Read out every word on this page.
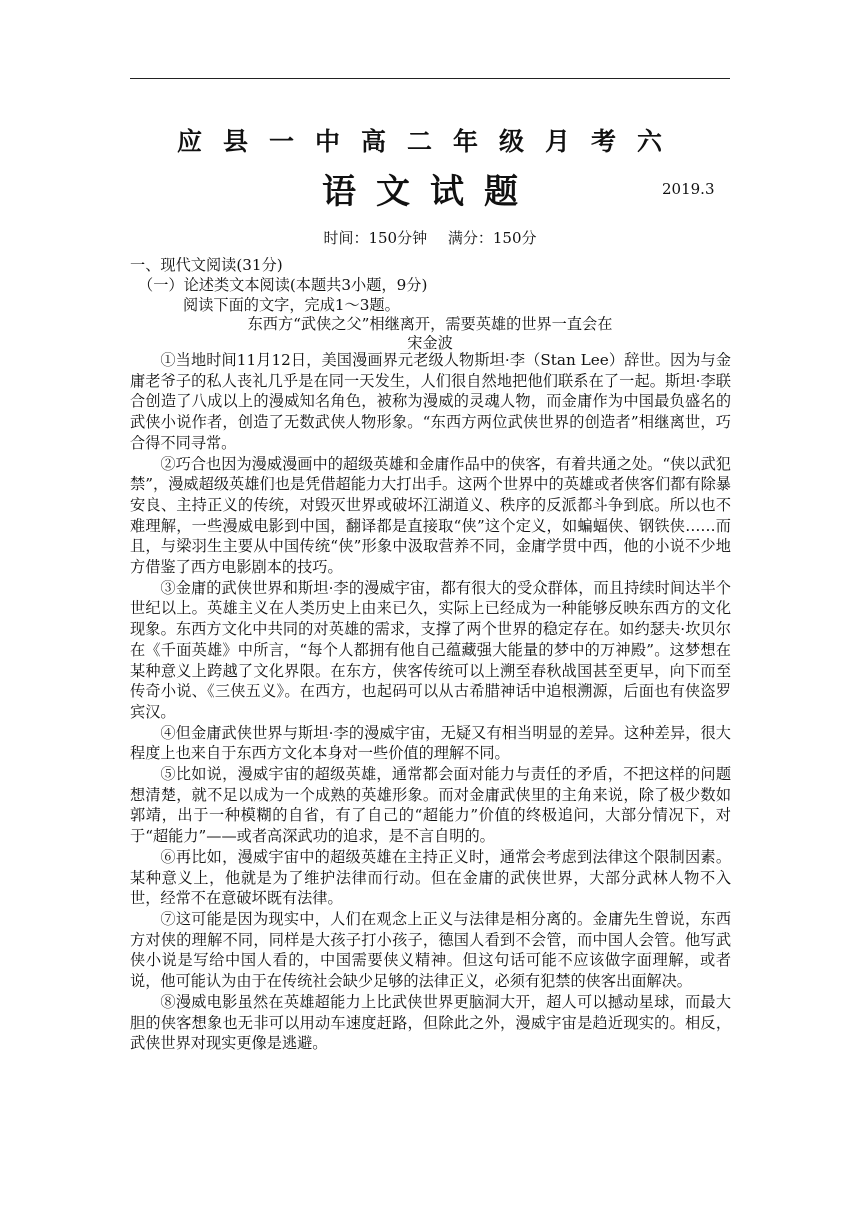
应县一中高二年级月考六
语文试题	2019.3
时间：150分钟 满分：150分
一、现代文阅读(31分)
（一）论述类文本阅读(本题共3小题，9分)
阅读下面的文字，完成1～3题。
东西方“武侠之父”相继离开，需要英雄的世界一直会在
宋金波

①当地时间11月12日，美国漫画界元老级人物斯坦·李（Stan Lee）辞世。因为与金庸老爷子的私人丧礼几乎是在同一天发生，人们很自然地把他们联系在了一起。斯坦·李联合创造了八成以上的漫威知名角色，被称为漫威的灵魂人物，而金庸作为中国最负盛名的武侠小说作者，创造了无数武侠人物形象。“东西方两位武侠世界的创造者”相继离世，巧合得不同寻常。

②巧合也因为漫威漫画中的超级英雄和金庸作品中的侠客，有着共通之处。“侠以武犯禁”，漫威超级英雄们也是凭借超能力大打出手。这两个世界中的英雄或者侠客们都有除暴安良、主持正义的传统，对毁灭世界或破坏江湖道义、秩序的反派都斗争到底。所以也不难理解，一些漫威电影到中国，翻译都是直接取“侠”这个定义，如蝙蝠侠、钢铁侠……而且，与梁羽生主要从中国传统“侠”形象中汲取营养不同，金庸学贯中西，他的小说不少地方借鉴了西方电影剧本的技巧。

③金庸的武侠世界和斯坦·李的漫威宇宙，都有很大的受众群体，而且持续时间达半个世纪以上。英雄主义在人类历史上由来已久，实际上已经成为一种能够反映东西方的文化现象。东西方文化中共同的对英雄的需求，支撑了两个世界的稳定存在。如约瑟夫·坎贝尔在《千面英雄》中所言，“每个人都拥有他自己蕴藏强大能量的梦中的万神殿”。这梦想在某种意义上跨越了文化界限。在东方，侠客传统可以上溯至春秋战国甚至更早，向下而至传奇小说、《三侠五义》。在西方，也起码可以从古希腊神话中追根溯源，后面也有侠盗罗宾汉。

④但金庸武侠世界与斯坦·李的漫威宇宙，无疑又有相当明显的差异。这种差异，很大程度上也来自于东西方文化本身对一些价值的理解不同。

⑤比如说，漫威宇宙的超级英雄，通常都会面对能力与责任的矛盾，不把这样的问题想清楚，就不足以成为一个成熟的英雄形象。而对金庸武侠里的主角来说，除了极少数如郭靖，出于一种模糊的自省，有了自己的“超能力”价值的终极追问，大部分情况下，对于“超能力”——或者高深武功的追求，是不言自明的。

⑥再比如，漫威宇宙中的超级英雄在主持正义时，通常会考虑到法律这个限制因素。某种意义上，他就是为了维护法律而行动。但在金庸的武侠世界，大部分武林人物不入世，经常不在意破坏既有法律。

⑦这可能是因为现实中，人们在观念上正义与法律是相分离的。金庸先生曾说，东西方对侠的理解不同，同样是大孩子打小孩子，德国人看到不会管，而中国人会管。他写武侠小说是写给中国人看的，中国需要侠义精神。但这句话可能不应该做字面理解，或者说，他可能认为由于在传统社会缺少足够的法律正义，必须有犯禁的侠客出面解决。

⑧漫威电影虽然在英雄超能力上比武侠世界更脑洞大开，超人可以撼动星球，而最大胆的侠客想象也无非可以用动车速度赶路，但除此之外，漫威宇宙是趋近现实的。相反，武侠世界对现实更像是逃避。
